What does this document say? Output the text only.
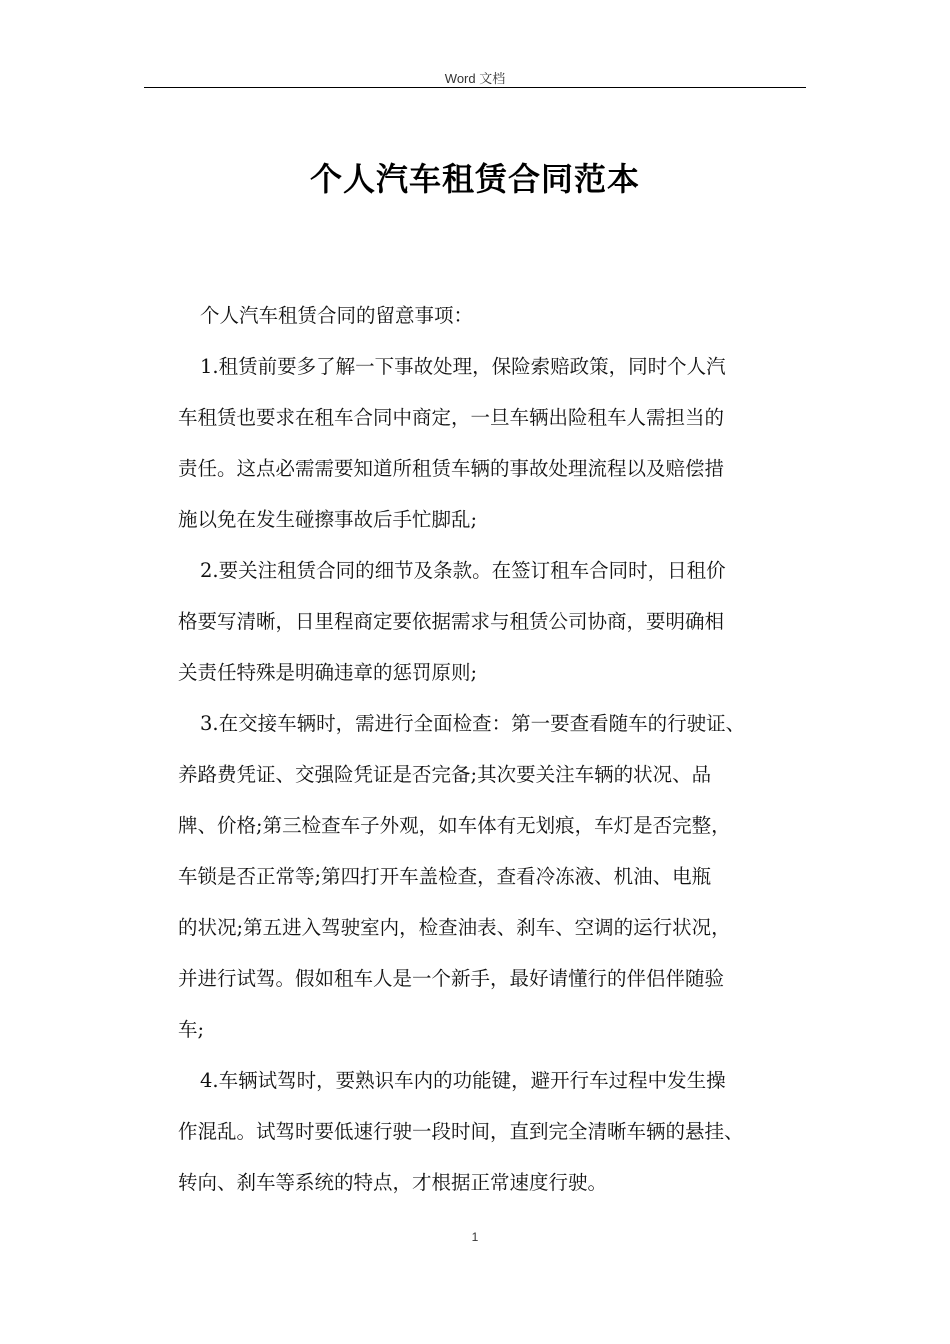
Word 文档
个人汽车租赁合同范本
个人汽车租赁合同的留意事项：
1.租赁前要多了解一下事故处理，保险索赔政策，同时个人汽
车租赁也要求在租车合同中商定，一旦车辆出险租车人需担当的
责任。这点必需需要知道所租赁车辆的事故处理流程以及赔偿措
施以免在发生碰擦事故后手忙脚乱;
2.要关注租赁合同的细节及条款。在签订租车合同时，日租价
格要写清晰，日里程商定要依据需求与租赁公司协商，要明确相
关责任特殊是明确违章的惩罚原则;
3.在交接车辆时，需进行全面检查：第一要查看随车的行驶证、
养路费凭证、交强险凭证是否完备;其次要关注车辆的状况、品
牌、价格;第三检查车子外观，如车体有无划痕，车灯是否完整，
车锁是否正常等;第四打开车盖检查，查看冷冻液、机油、电瓶
的状况;第五进入驾驶室内，检查油表、刹车、空调的运行状况，
并进行试驾。假如租车人是一个新手，最好请懂行的伴侣伴随验
车;
4.车辆试驾时，要熟识车内的功能键，避开行车过程中发生操
作混乱。试驾时要低速行驶一段时间，直到完全清晰车辆的悬挂、
转向、刹车等系统的特点，才根据正常速度行驶。
1
